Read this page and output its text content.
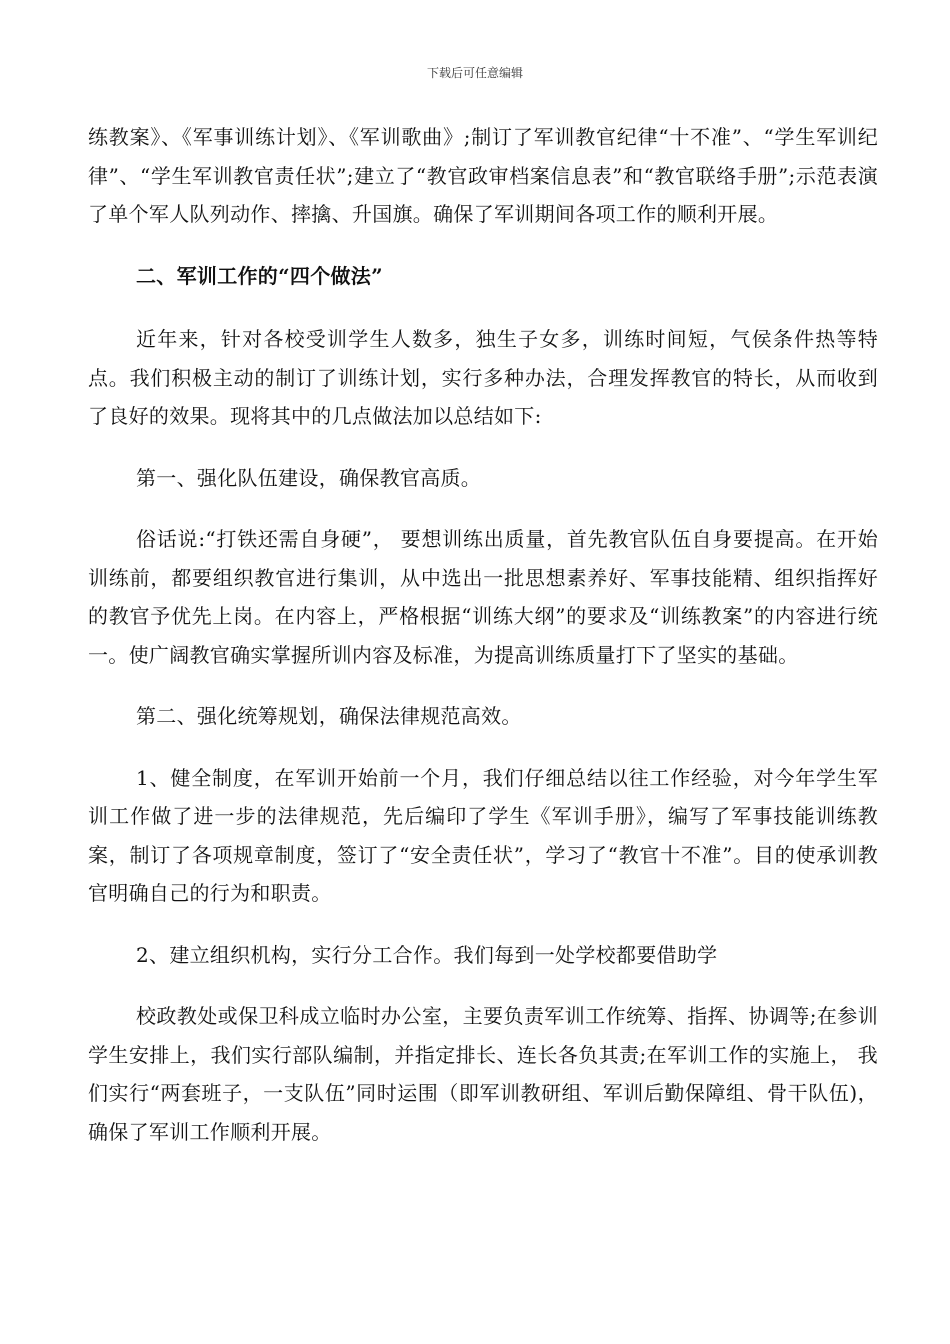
下载后可任意编辑

练教案》、《军事训练计划》、《军训歌曲》;制订了军训教官纪律“十不准”、“学生军训纪律”、“学生军训教官责任状”;建立了“教官政审档案信息表”和“教官联络手册”;示范表演了单个军人队列动作、摔擒、升国旗。确保了军训期间各项工作的顺利开展。

二、军训工作的“四个做法”

近年来，针对各校受训学生人数多，独生子女多，训练时间短，气侯条件热等特点。我们积极主动的制订了训练计划，实行多种办法，合理发挥教官的特长，从而收到了良好的效果。现将其中的几点做法加以总结如下:

第一、强化队伍建设，确保教官高质。

俗话说:“打铁还需自身硬”， 要想训练出质量，首先教官队伍自身要提高。在开始训练前，都要组织教官进行集训，从中选出一批思想素养好、军事技能精、组织指挥好的教官予优先上岗。在内容上，严格根据“训练大纲”的要求及“训练教案”的内容进行统一。使广阔教官确实掌握所训内容及标准，为提高训练质量打下了坚实的基础。

第二、强化统筹规划，确保法律规范高效。

1、健全制度，在军训开始前一个月，我们仔细总结以往工作经验，对今年学生军训工作做了进一步的法律规范，先后编印了学生《军训手册》，编写了军事技能训练教案，制订了各项规章制度，签订了“安全责任状”，学习了“教官十不准”。目的使承训教官明确自己的行为和职责。

2、建立组织机构，实行分工合作。我们每到一处学校都要借助学

校政教处或保卫科成立临时办公室，主要负责军训工作统筹、指挥、协调等;在参训学生安排上，我们实行部队编制，并指定排长、连长各负其责;在军训工作的实施上， 我们实行“两套班子，一支队伍”同时运围（即军训教研组、军训后勤保障组、骨干队伍)，确保了军训工作顺利开展。
